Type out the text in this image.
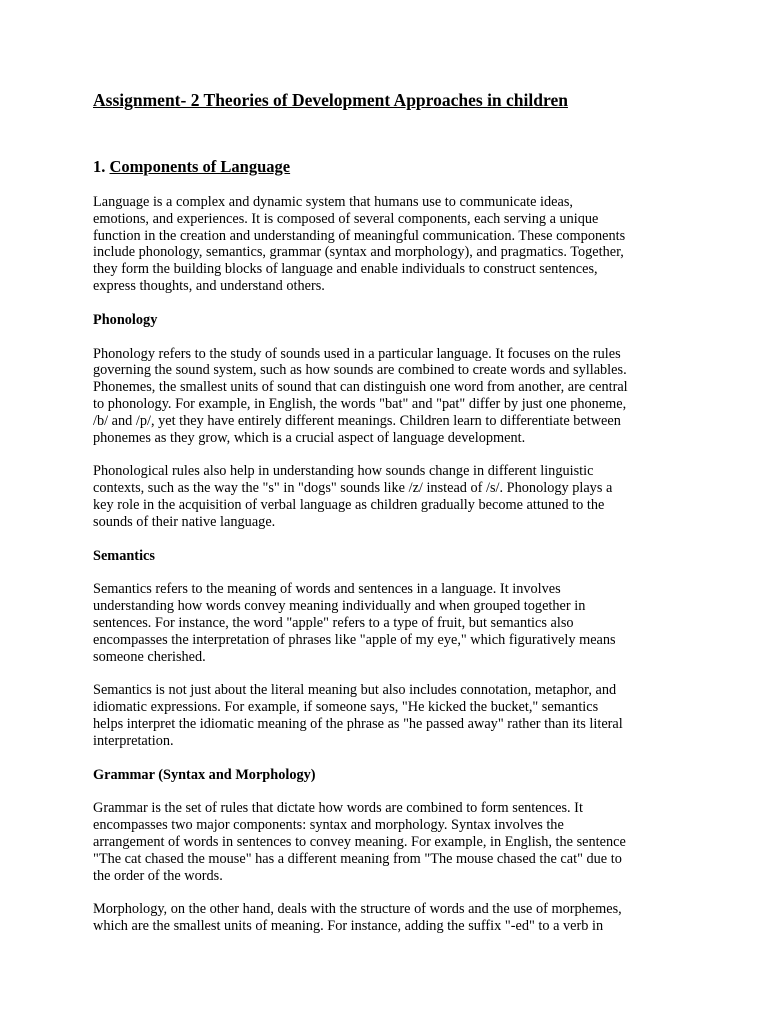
Assignment- 2 Theories of Development Approaches in children
1. Components of Language

Language is a complex and dynamic system that humans use to communicate ideas,
emotions, and experiences. It is composed of several components, each serving a unique
function in the creation and understanding of meaningful communication. These components
include phonology, semantics, grammar (syntax and morphology), and pragmatics. Together,
they form the building blocks of language and enable individuals to construct sentences,
express thoughts, and understand others.

Phonology

Phonology refers to the study of sounds used in a particular language. It focuses on the rules
governing the sound system, such as how sounds are combined to create words and syllables.
Phonemes, the smallest units of sound that can distinguish one word from another, are central
to phonology. For example, in English, the words "bat" and "pat" differ by just one phoneme,
/b/ and /p/, yet they have entirely different meanings. Children learn to differentiate between
phonemes as they grow, which is a crucial aspect of language development.

Phonological rules also help in understanding how sounds change in different linguistic
contexts, such as the way the "s" in "dogs" sounds like /z/ instead of /s/. Phonology plays a
key role in the acquisition of verbal language as children gradually become attuned to the
sounds of their native language.

Semantics

Semantics refers to the meaning of words and sentences in a language. It involves
understanding how words convey meaning individually and when grouped together in
sentences. For instance, the word "apple" refers to a type of fruit, but semantics also
encompasses the interpretation of phrases like "apple of my eye," which figuratively means
someone cherished.

Semantics is not just about the literal meaning but also includes connotation, metaphor, and
idiomatic expressions. For example, if someone says, "He kicked the bucket," semantics
helps interpret the idiomatic meaning of the phrase as "he passed away" rather than its literal
interpretation.

Grammar (Syntax and Morphology)

Grammar is the set of rules that dictate how words are combined to form sentences. It
encompasses two major components: syntax and morphology. Syntax involves the
arrangement of words in sentences to convey meaning. For example, in English, the sentence
"The cat chased the mouse" has a different meaning from "The mouse chased the cat" due to
the order of the words.

Morphology, on the other hand, deals with the structure of words and the use of morphemes,
which are the smallest units of meaning. For instance, adding the suffix "-ed" to a verb in
